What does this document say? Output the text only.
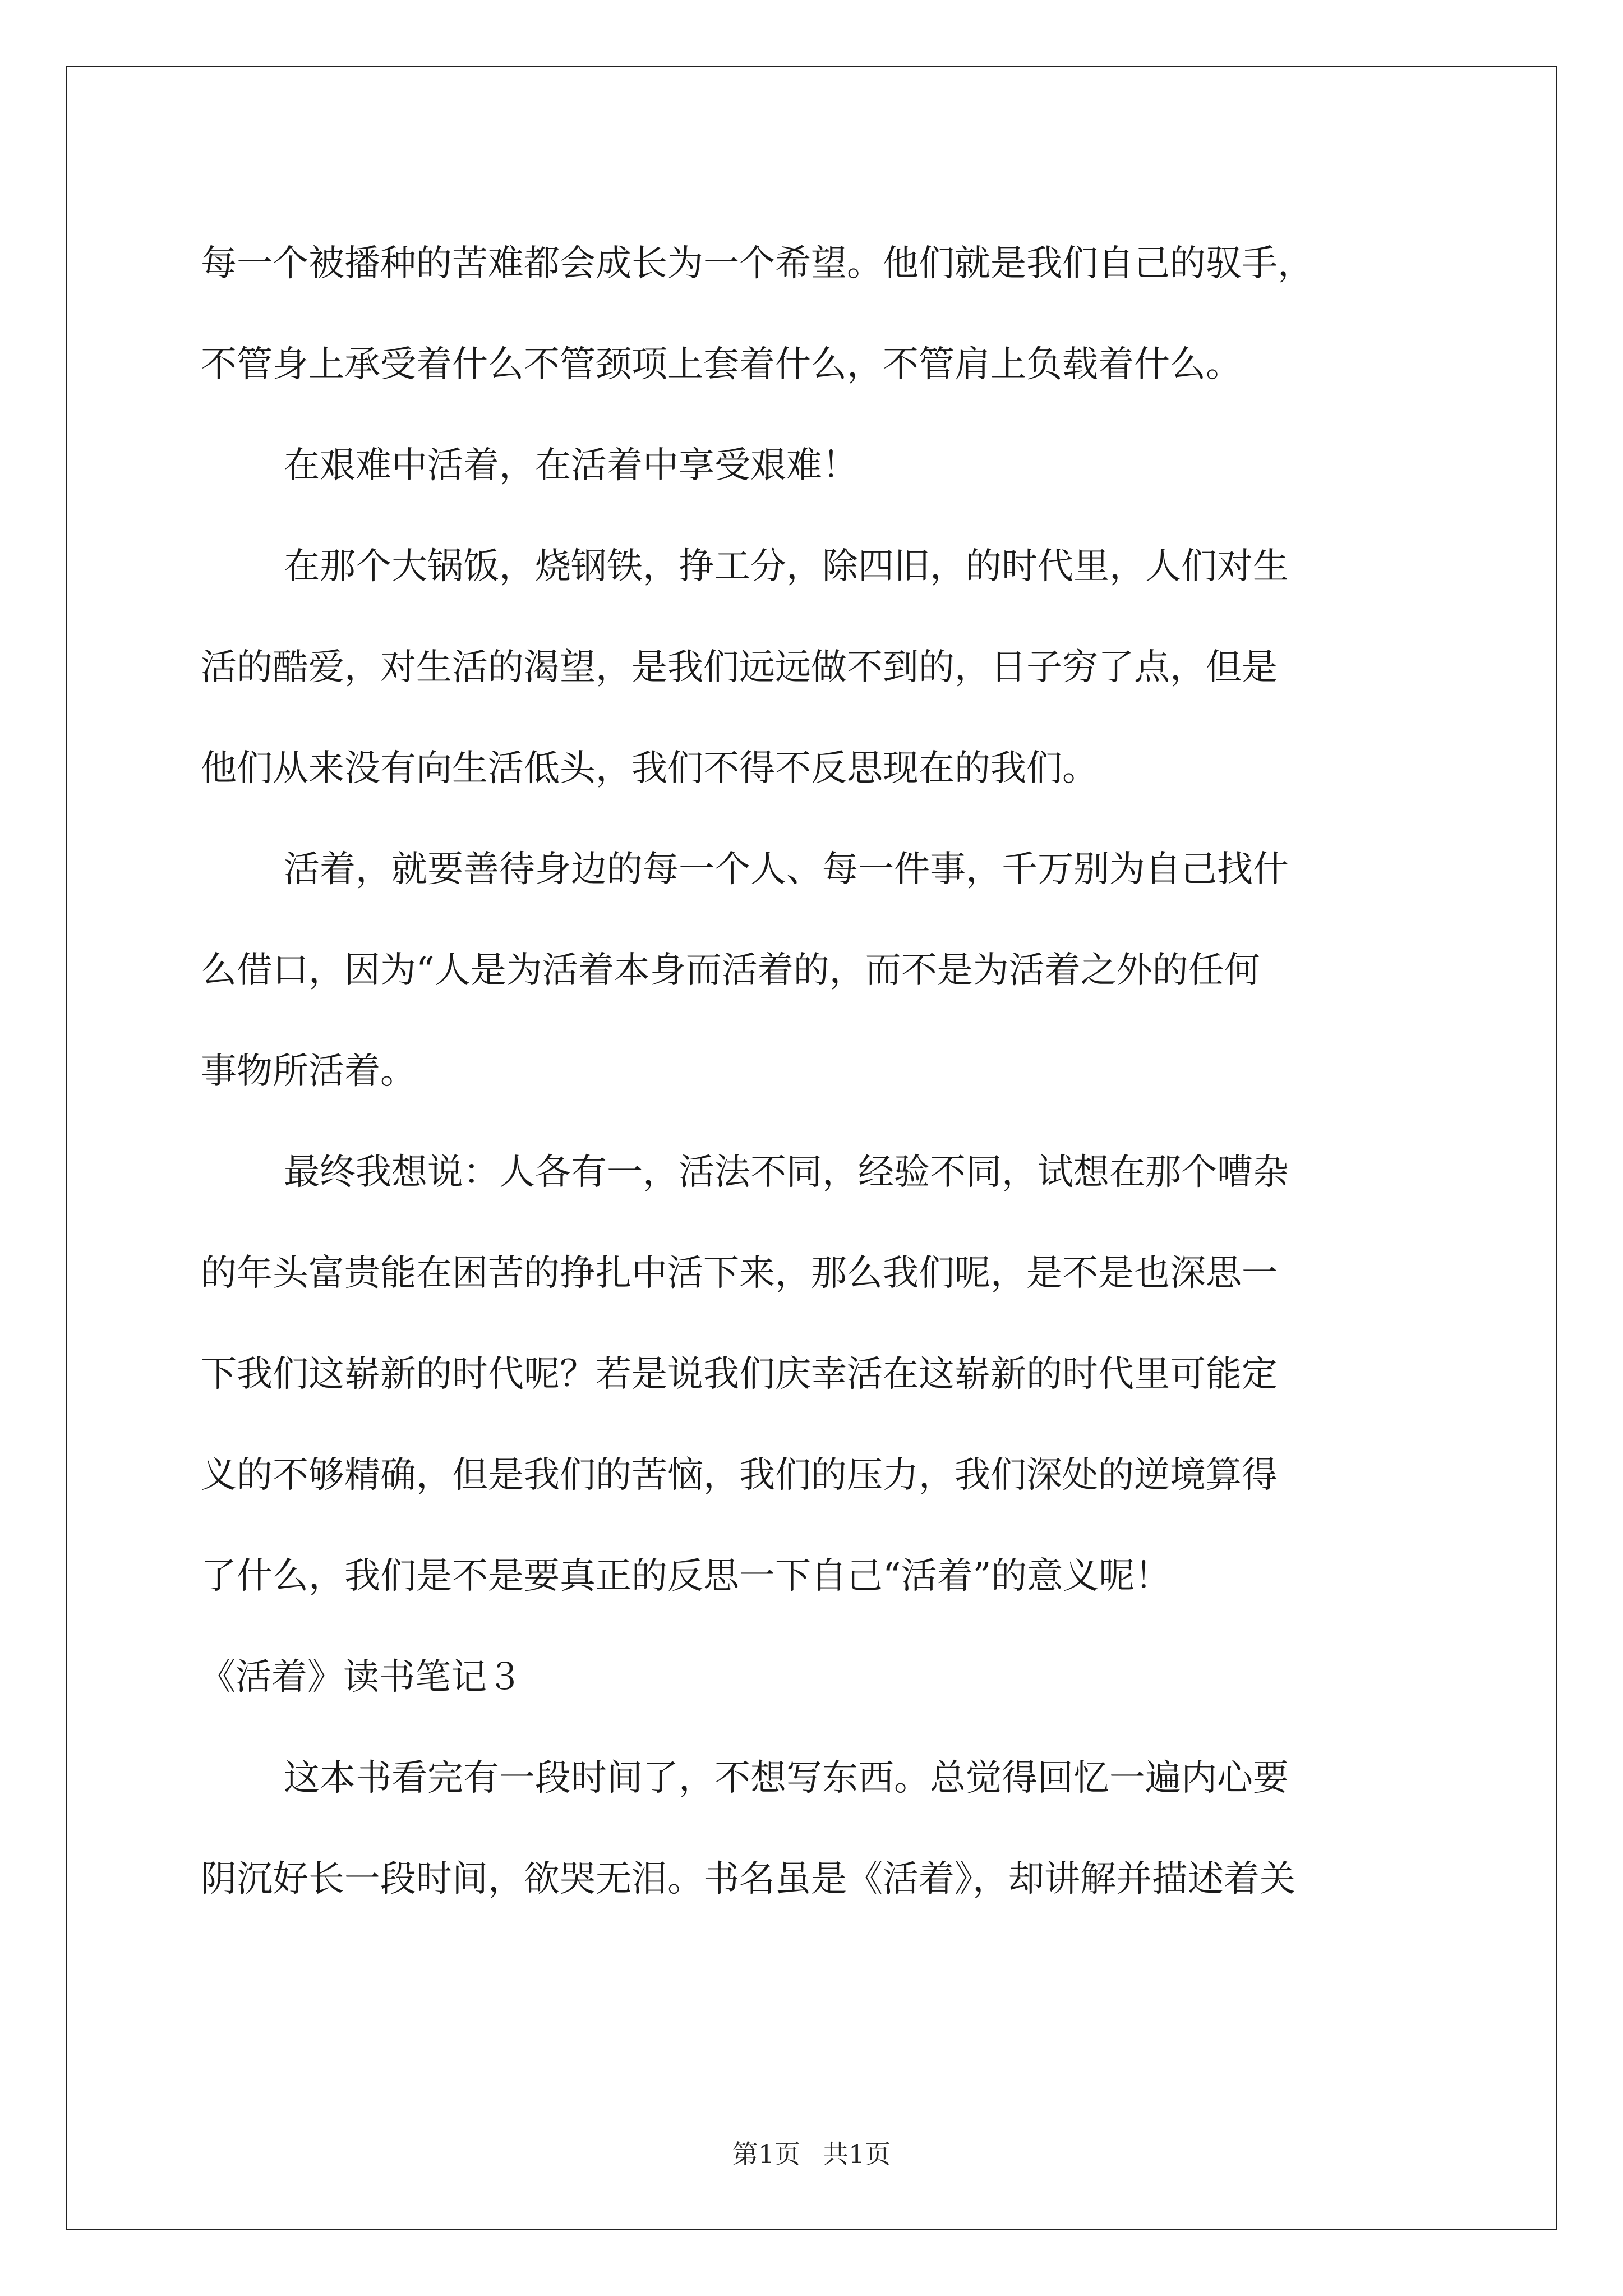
每一个被播种的苦难都会成长为一个希望。他们就是我们自己的驭手，
不管身上承受着什么不管颈项上套着什么，不管肩上负载着什么。
在艰难中活着，在活着中享受艰难！
在那个大锅饭，烧钢铁，挣工分，除四旧，的时代里，人们对生
活的酷爱，对生活的渴望，是我们远远做不到的，日子穷了点，但是
他们从来没有向生活低头，我们不得不反思现在的我们。
活着，就要善待身边的每一个人、每一件事，千万别为自己找什
么借口，因为“人是为活着本身而活着的，而不是为活着之外的任何
事物所活着。
最终我想说：人各有一，活法不同，经验不同，试想在那个嘈杂
的年头富贵能在困苦的挣扎中活下来，那么我们呢，是不是也深思一
下我们这崭新的时代呢？若是说我们庆幸活在这崭新的时代里可能定
义的不够精确，但是我们的苦恼，我们的压力，我们深处的逆境算得
了什么，我们是不是要真正的反思一下自己“活着”的意义呢！
《活着》读书笔记３
这本书看完有一段时间了，不想写东西。总觉得回忆一遍内心要
阴沉好长一段时间，欲哭无泪。书名虽是《活着》，却讲解并描述着关
第1页 共1页
